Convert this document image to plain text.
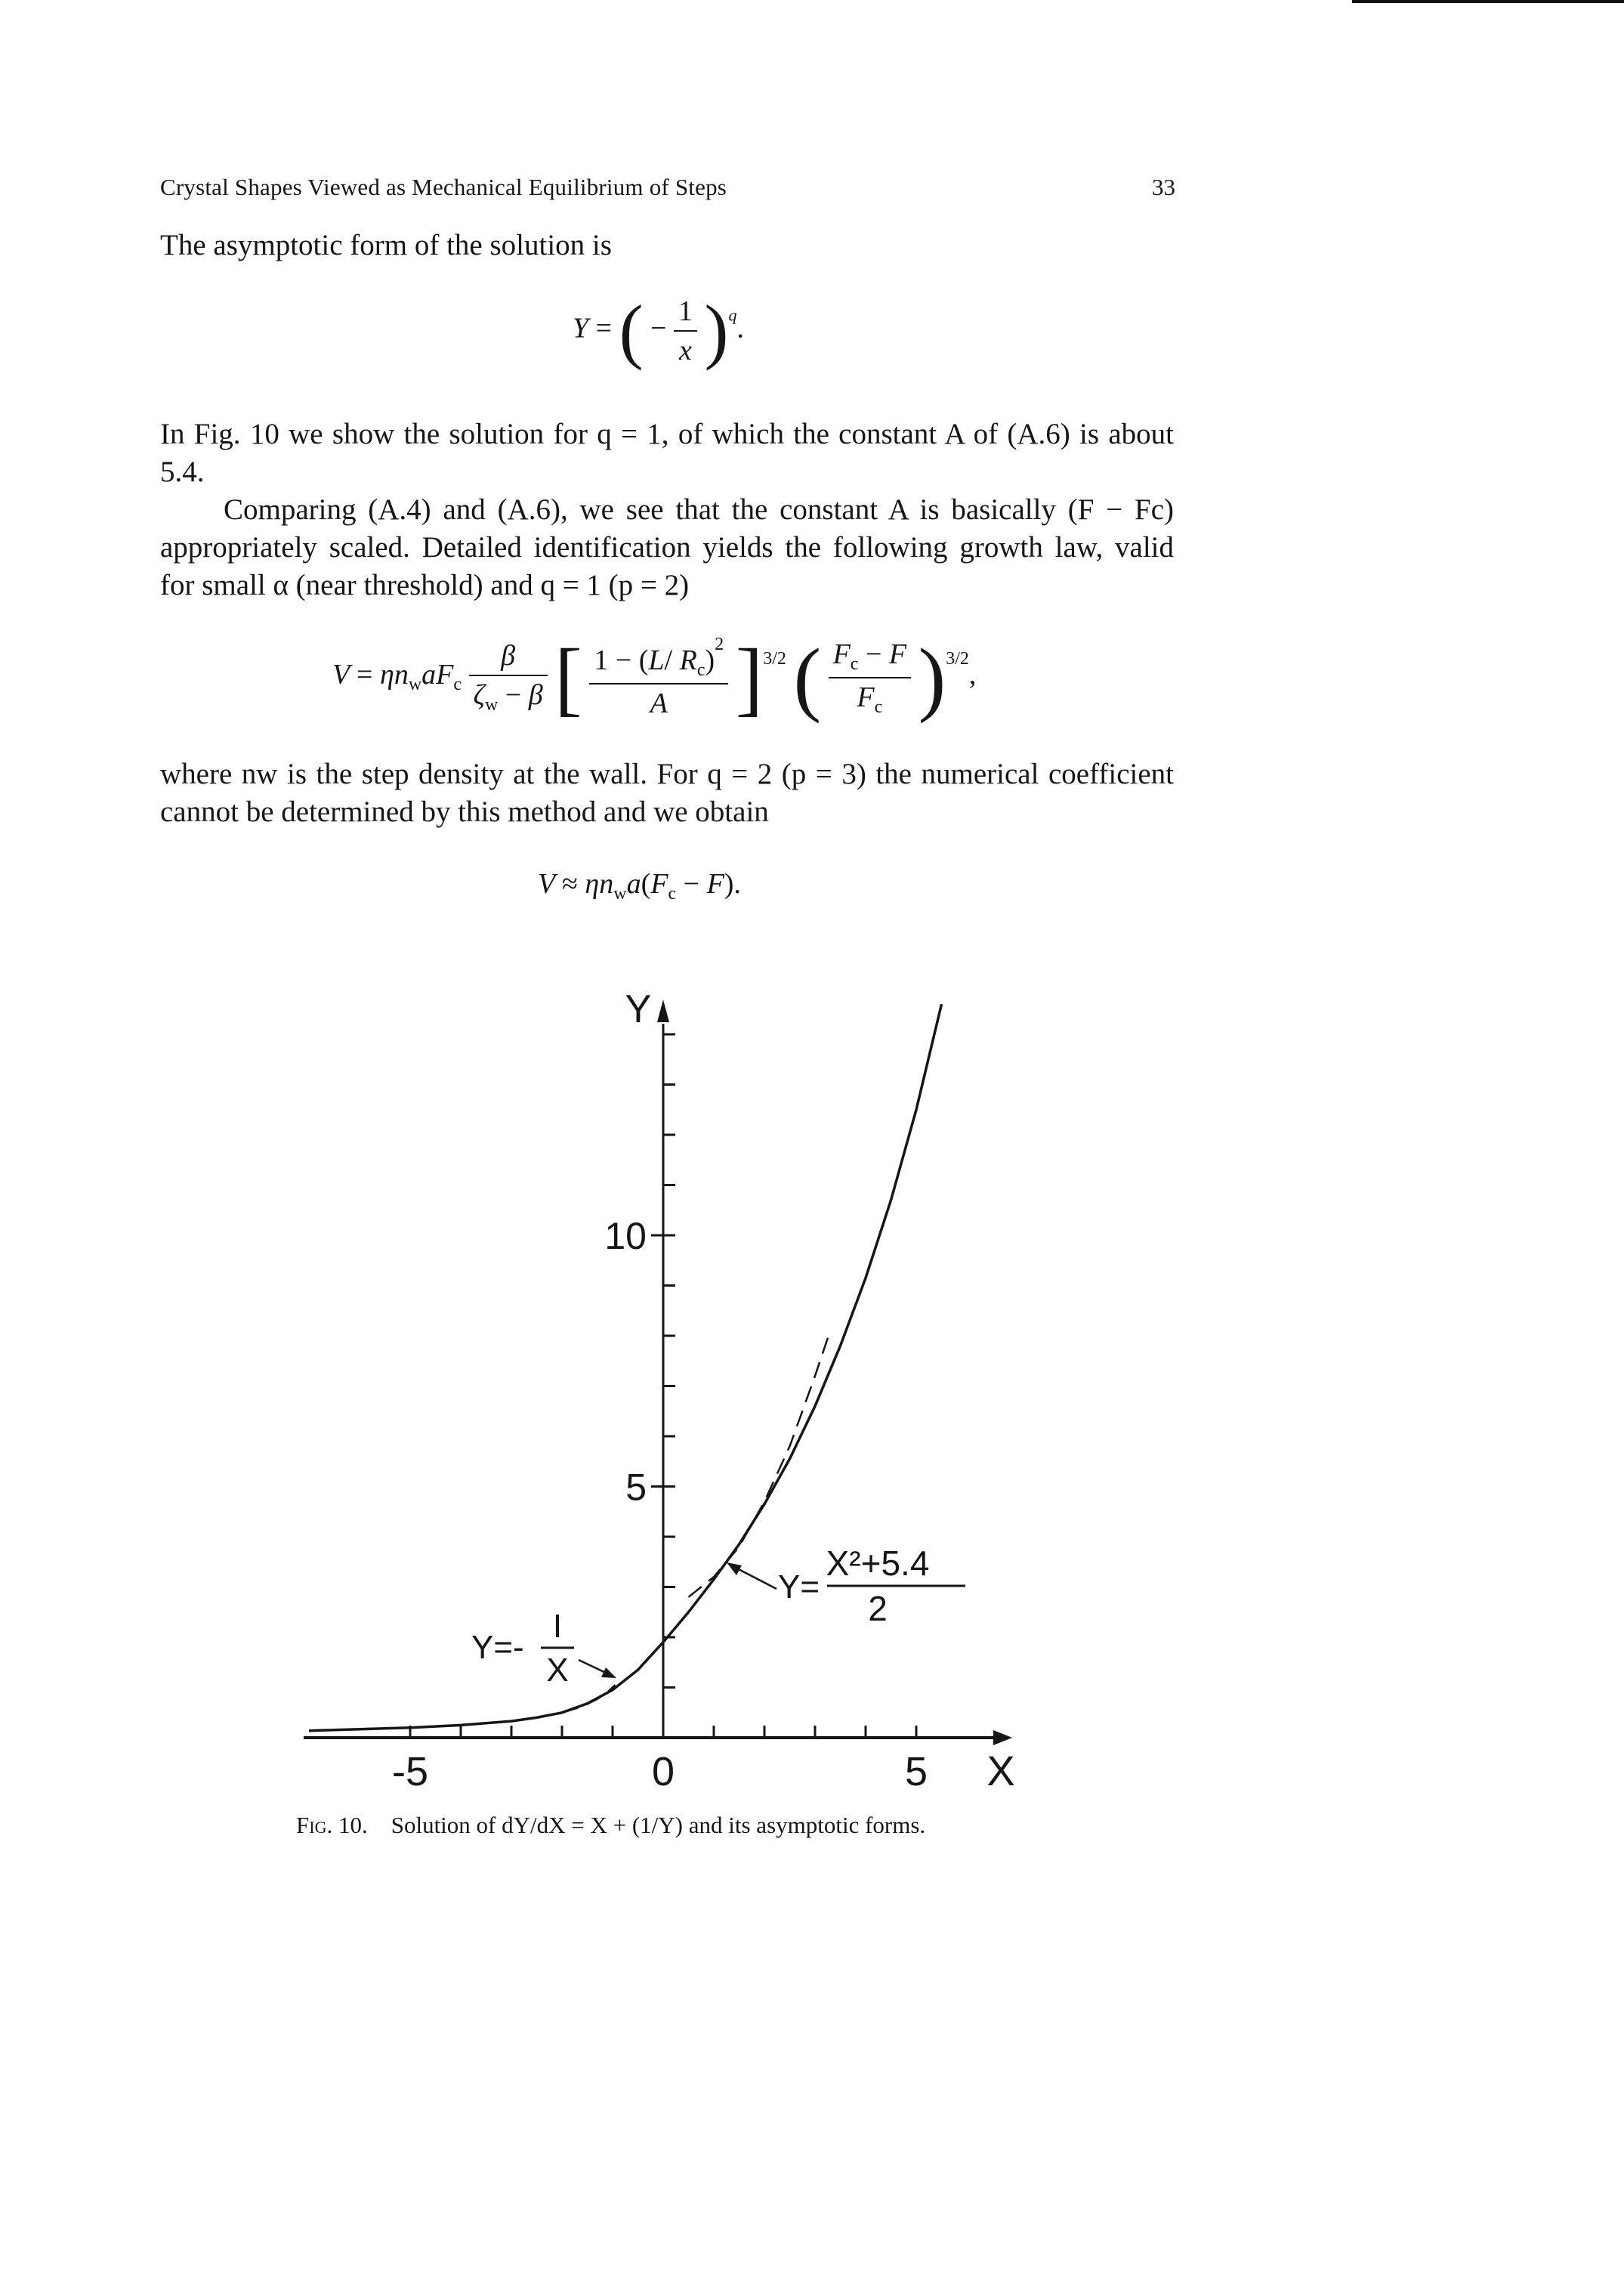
Crystal Shapes Viewed as Mechanical Equilibrium of Steps	33

The asymptotic form of the solution is

Y = ( − $\frac{1}{x} )^q$.

In Fig. 10 we show the solution for q = 1, of which the constant A of (A.6) is about 5.4.

Comparing (A.4) and (A.6), we see that the constant A is basically (F − Fc) appropriately scaled. Detailed identification yields the following growth law, valid for small α (near threshold) and q = 1 (p = 2)

$V = \eta n_waF_c \frac{\beta}{\zeta_w - \beta}$ [ $\frac{1 - (L/ R_c)^2}{A} ]^{3/2}$ ( $\frac{F_c - F}{F_c} )^{3/2}$,

where nw is the step density at the wall. For q = 2 (p = 3) the numerical coefficient cannot be determined by this method and we obtain

$V \approx \eta n_wa(F_c - F)$.
5
10
-5	0	5
Y=
X²+5.4
2
Y=-
I
X
Y
X
Fig. 10. Solution of dY/dX = X + (1/Y) and its asymptotic forms.
